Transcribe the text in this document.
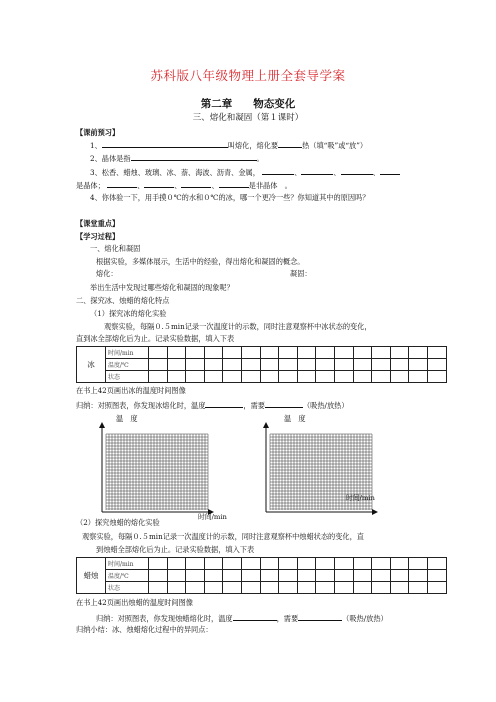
苏科版八年级物理上册全套导学案
第二章　　物态变化
三、熔化和凝固（第１课时）
【课前预习】
1、	叫熔化，熔化要	热（填“吸”或“放”）
2、晶体是指	。
3、松香、蜡烛、玻璃、冰、萘、海波、沥青、金属，	、	、	、
是晶体；	、	、	、	是非晶体　。
4、你体验一下，用手摸０℃的水和０℃的冰，哪一个更冷一些？你知道其中的原因吗？
【课堂重点】
【学习过程】
一、熔化和凝固
根据实验，多媒体展示，生活中的经验，得出熔化和凝固的概念。
熔化：	凝固：
举出生活中发现过哪些熔化和凝固的现象呢？
二、探究冰、烛蜡的熔化特点
（1）探究冰的熔化实验
观察实验，每隔０.５min记录一次温度计的示数，同时注意观察杯中冰状态的变化，
直到冰全部熔化后为止。记录实验数据，填入下表
冰	时间/min																
	温度/℃																
	状态																
在书上42页画出冰的温度时间图像
归纳：对照图表，你发现冰熔化时，温度	，需要	（吸热/放热）
温　度	温　度
时间/min
时间/min
（2）探究烛蜡的熔化实验
观察实验，每隔０.５min记录一次温度计的示数，同时注意观察杯中烛蜡状态的变化，直
到烛蜡全部熔化后为止。记录实验数据，填入下表
蜡烛	时间/min																
	温度/℃																
	状态																
在书上42页画出烛蜡的温度时间图像
归纳：对照图表，你发现烛蜡熔化时，温度	，需要	（吸热/放热）
归纳小结：冰、烛蜡熔化过程中的异同点：
